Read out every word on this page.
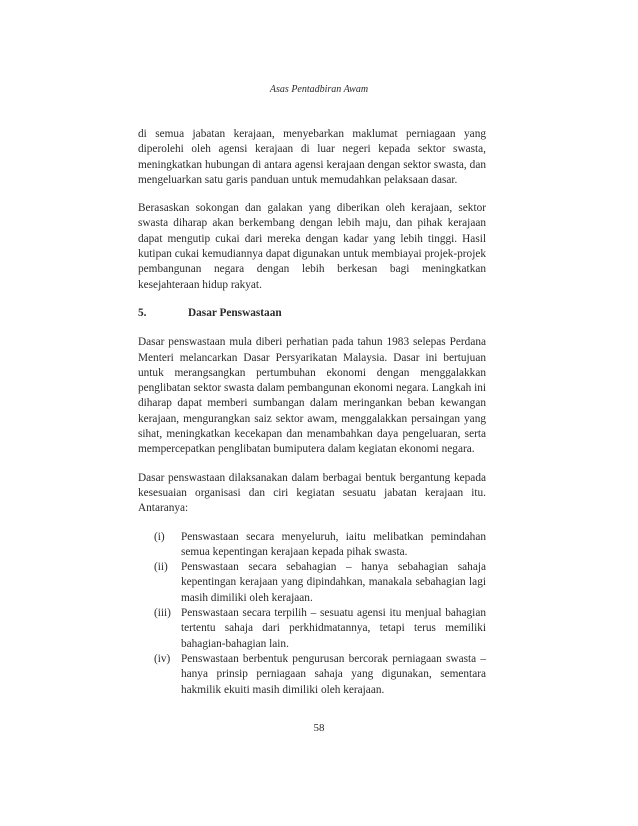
Asas Pentadbiran Awam

di semua jabatan kerajaan, menyebarkan maklumat perniagaan yang diperolehi oleh agensi kerajaan di luar negeri kepada sektor swasta, meningkatkan hubungan di antara agensi kerajaan dengan sektor swasta, dan mengeluarkan satu garis panduan untuk memudahkan pelaksaan dasar.

Berasaskan sokongan dan galakan yang diberikan oleh kerajaan, sektor swasta diharap akan berkembang dengan lebih maju, dan pihak kerajaan dapat mengutip cukai dari mereka dengan kadar yang lebih tinggi. Hasil kutipan cukai kemudiannya dapat digunakan untuk membiayai projek-projek pembangunan negara dengan lebih berkesan bagi meningkatkan kesejahteraan hidup rakyat.

5.	Dasar Penswastaan

Dasar penswastaan mula diberi perhatian pada tahun 1983 selepas Perdana Menteri melancarkan Dasar Persyarikatan Malaysia. Dasar ini bertujuan untuk merangsangkan pertumbuhan ekonomi dengan menggalakkan penglibatan sektor swasta dalam pembangunan ekonomi negara. Langkah ini diharap dapat memberi sumbangan dalam meringankan beban kewangan kerajaan, mengurangkan saiz sektor awam, menggalakkan persaingan yang sihat, meningkatkan kecekapan dan menambahkan daya pengeluaran, serta mempercepatkan penglibatan bumiputera dalam kegiatan ekonomi negara.

Dasar penswastaan dilaksanakan dalam berbagai bentuk bergantung kepada kesesuaian organisasi dan ciri kegiatan sesuatu jabatan kerajaan itu. Antaranya:

(i)	Penswastaan secara menyeluruh, iaitu melibatkan pemindahan semua kepentingan kerajaan kepada pihak swasta.
(ii)	Penswastaan secara sebahagian – hanya sebahagian sahaja kepentingan kerajaan yang dipindahkan, manakala sebahagian lagi masih dimiliki oleh kerajaan.
(iii) Penswastaan secara terpilih – sesuatu agensi itu menjual bahagian tertentu sahaja dari perkhidmatannya, tetapi terus memiliki bahagian-bahagian lain.
(iv) Penswastaan berbentuk pengurusan bercorak perniagaan swasta – hanya prinsip perniagaan sahaja yang digunakan, sementara hakmilik ekuiti masih dimiliki oleh kerajaan.
58
